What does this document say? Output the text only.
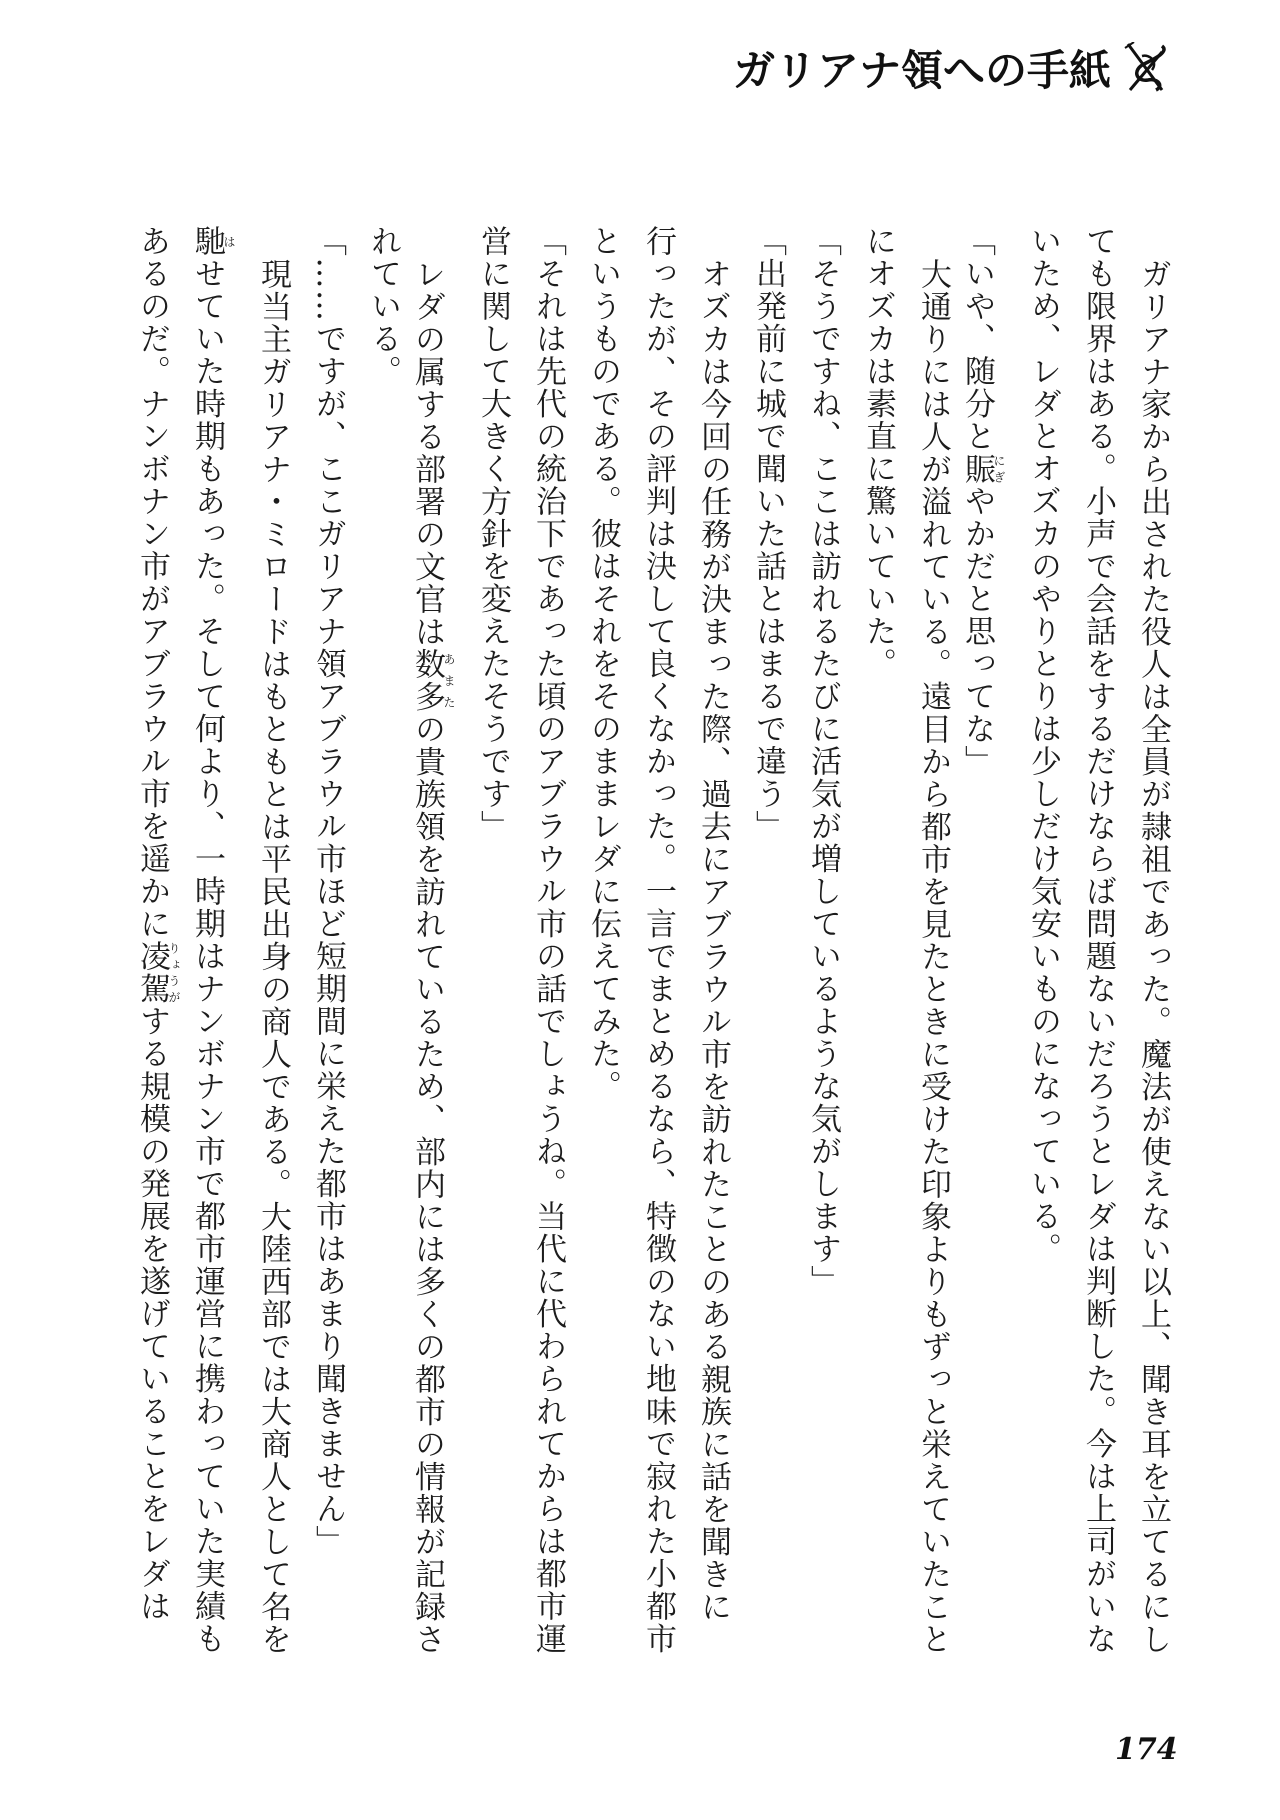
ガリアナ領への手紙
ガリアナ家から出された役人は全員が隷祖であった。魔法が使えない以上、聞き耳を立てるにし
ても限界はある。小声で会話をするだけならば問題ないだろうとレダは判断した。今は上司がいな
いため、レダとオズカのやりとりは少しだけ気安いものになっている。
「いや、随分と賑にぎやかだと思ってな」
大通りには人が溢れている。遠目から都市を見たときに受けた印象よりもずっと栄えていたこと
にオズカは素直に驚いていた。
「そうですね、ここは訪れるたびに活気が増しているような気がします」
「出発前に城で聞いた話とはまるで違う」
オズカは今回の任務が決まった際、過去にアブラウル市を訪れたことのある親族に話を聞きに
行ったが、その評判は決して良くなかった。一言でまとめるなら、特徴のない地味で寂れた小都市
というものである。彼はそれをそのままレダに伝えてみた。
「それは先代の統治下であった頃のアブラウル市の話でしょうね。当代に代わられてからは都市運
営に関して大きく方針を変えたそうです」
レダの属する部署の文官は数多あまたの貴族領を訪れているため、部内には多くの都市の情報が記録さ
れている。
「……ですが、ここガリアナ領アブラウル市ほど短期間に栄えた都市はあまり聞きません」
現当主ガリアナ・ミロードはもともとは平民出身の商人である。大陸西部では大商人として名を
馳はせていた時期もあった。そして何より、一時期はナンボナン市で都市運営に携わっていた実績も
あるのだ。ナンボナン市がアブラウル市を遥かに凌駕りょうがする規模の発展を遂げていることをレダは
174
